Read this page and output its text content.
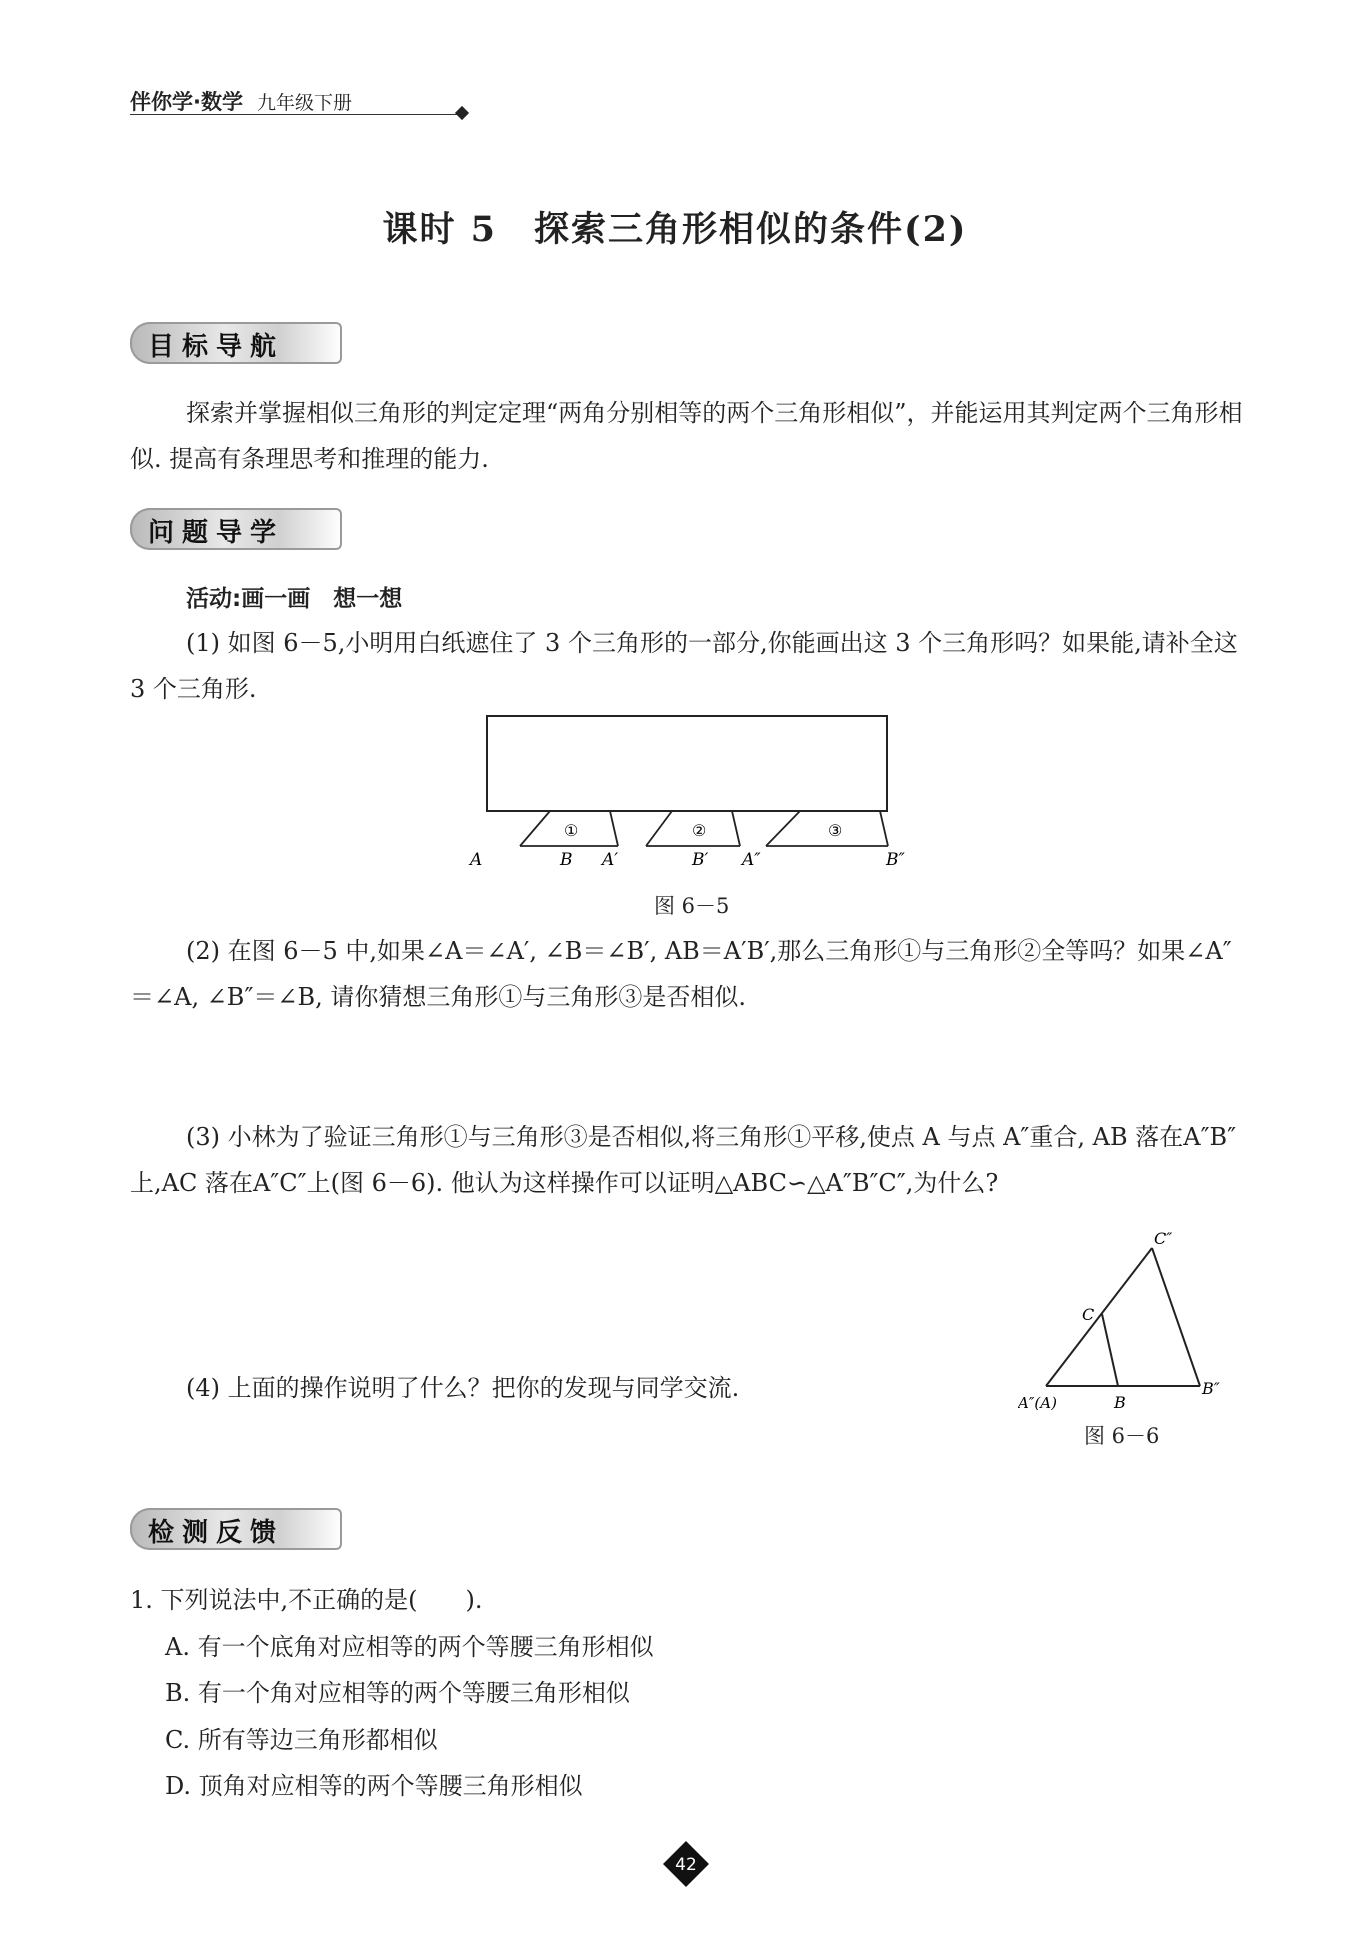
伴你学·数学 九年级下册
课时 5　探索三角形相似的条件(2)
目标导航
探索并掌握相似三角形的判定定理“两角分别相等的两个三角形相似”，并能运用其判定两个三角形相似. 提高有条理思考和推理的能力.
问题导学
活动:画一画　想一想
(1) 如图 6－5,小明用白纸遮住了 3 个三角形的一部分,你能画出这 3 个三角形吗？如果能,请补全这 3 个三角形.
①	②	③
A	B A′	B′ A″	B″
图 6－5
(2) 在图 6－5 中,如果∠A＝∠A′, ∠B＝∠B′, AB＝A′B′,那么三角形①与三角形②全等吗？如果∠A″＝∠A, ∠B″＝∠B, 请你猜想三角形①与三角形③是否相似.
(3) 小林为了验证三角形①与三角形③是否相似,将三角形①平移,使点 A 与点 A″重合, AB 落在A″B″上,AC 落在A″C″上(图 6－6). 他认为这样操作可以证明△ABC∽△A″B″C″,为什么?
C″
C
A″(A)	B
B″
(4) 上面的操作说明了什么？把你的发现与同学交流.
图 6－6
检测反馈
1. 下列说法中,不正确的是(　　).
A. 有一个底角对应相等的两个等腰三角形相似
B. 有一个角对应相等的两个等腰三角形相似
C. 所有等边三角形都相似
D. 顶角对应相等的两个等腰三角形相似
42
